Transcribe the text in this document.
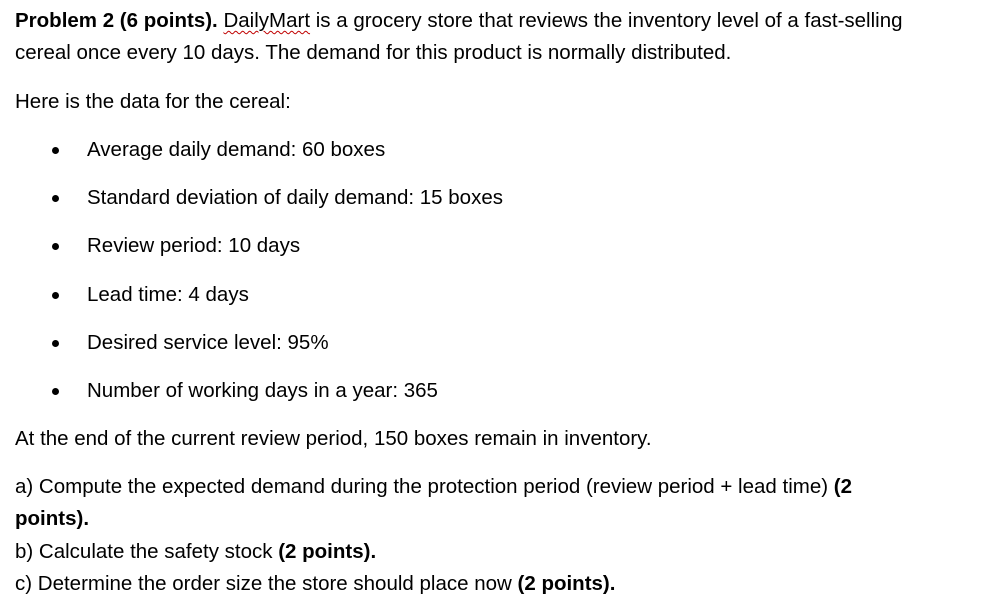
Problem 2 (6 points). DailyMart is a grocery store that reviews the inventory level of a fast-selling
cereal once every 10 days. The demand for this product is normally distributed.
Here is the data for the cereal:
Average daily demand: 60 boxes
Standard deviation of daily demand: 15 boxes
Review period: 10 days
Lead time: 4 days
Desired service level: 95%
Number of working days in a year: 365
At the end of the current review period, 150 boxes remain in inventory.
a) Compute the expected demand during the protection period (review period + lead time) (2
points).
b) Calculate the safety stock (2 points).
c) Determine the order size the store should place now (2 points).
